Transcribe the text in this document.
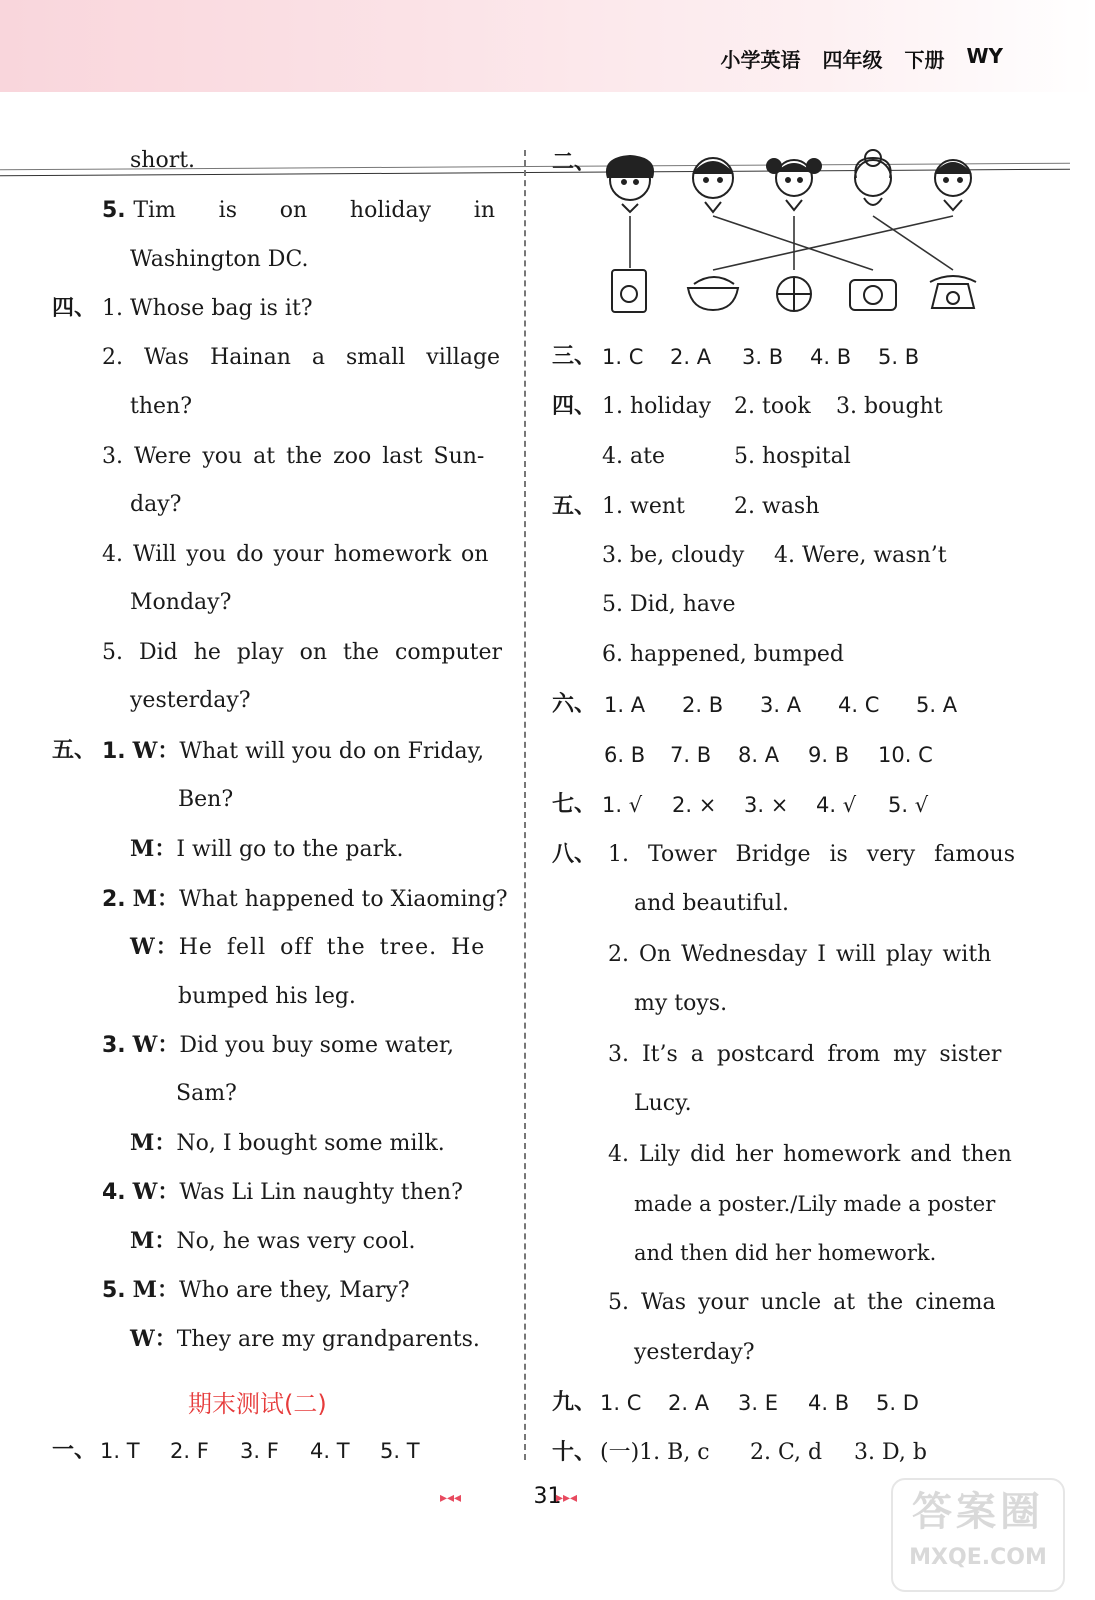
小学英语 四年级 下册 WY
short.
5. Tim is on holiday in
Washington DC.
四、 1. Whose bag is it?
2. Was Hainan a small village
then?
3. Were you at the zoo last Sun-
day?
4. Will you do your homework on
Monday?
5. Did he play on the computer
yesterday?
五、 1. W：What will you do on Friday,
Ben?
M：I will go to the park.
2. M：What happened to Xiaoming?
W：He fell off the tree. He
bumped his leg.
3. W：Did you buy some water,
Sam?
M：No, I bought some milk.
4. W：Was Li Lin naughty then?
M：No, he was very cool.
5. M：Who are they, Mary?
W：They are my grandparents.
期末测试(二)
一、 1. T	2. F	3. F	4. T	5. T
二、
三、 1. C	2. A	3. B	4. B	5. B
四、 1. holiday	2. took	3. bought
4. ate	5. hospital
五、 1. went	2. wash
3. be, cloudy	4. Were, wasn’t
5. Did, have
6. happened, bumped
六、 1. A	2. B	3. A	4. C	5. A
6. B	7. B	8. A	9. B	10. C
七、 1. √	2. ×	3. ×	4. √	5. √
八、 1. Tower Bridge is very famous
and beautiful.
2. On Wednesday I will play with
my toys.
3. It’s a postcard from my sister
Lucy.
4. Lily did her homework and then
made a poster./Lily made a poster
and then did her homework.
5. Was your uncle at the cinema
yesterday?
九、 1. C	2. A	3. E	4. B	5. D
十、 (一)1. B, c	2. C, d	3. D, b
▸◂◂	31
▸▸◂	答案圈
MXQE.COM
